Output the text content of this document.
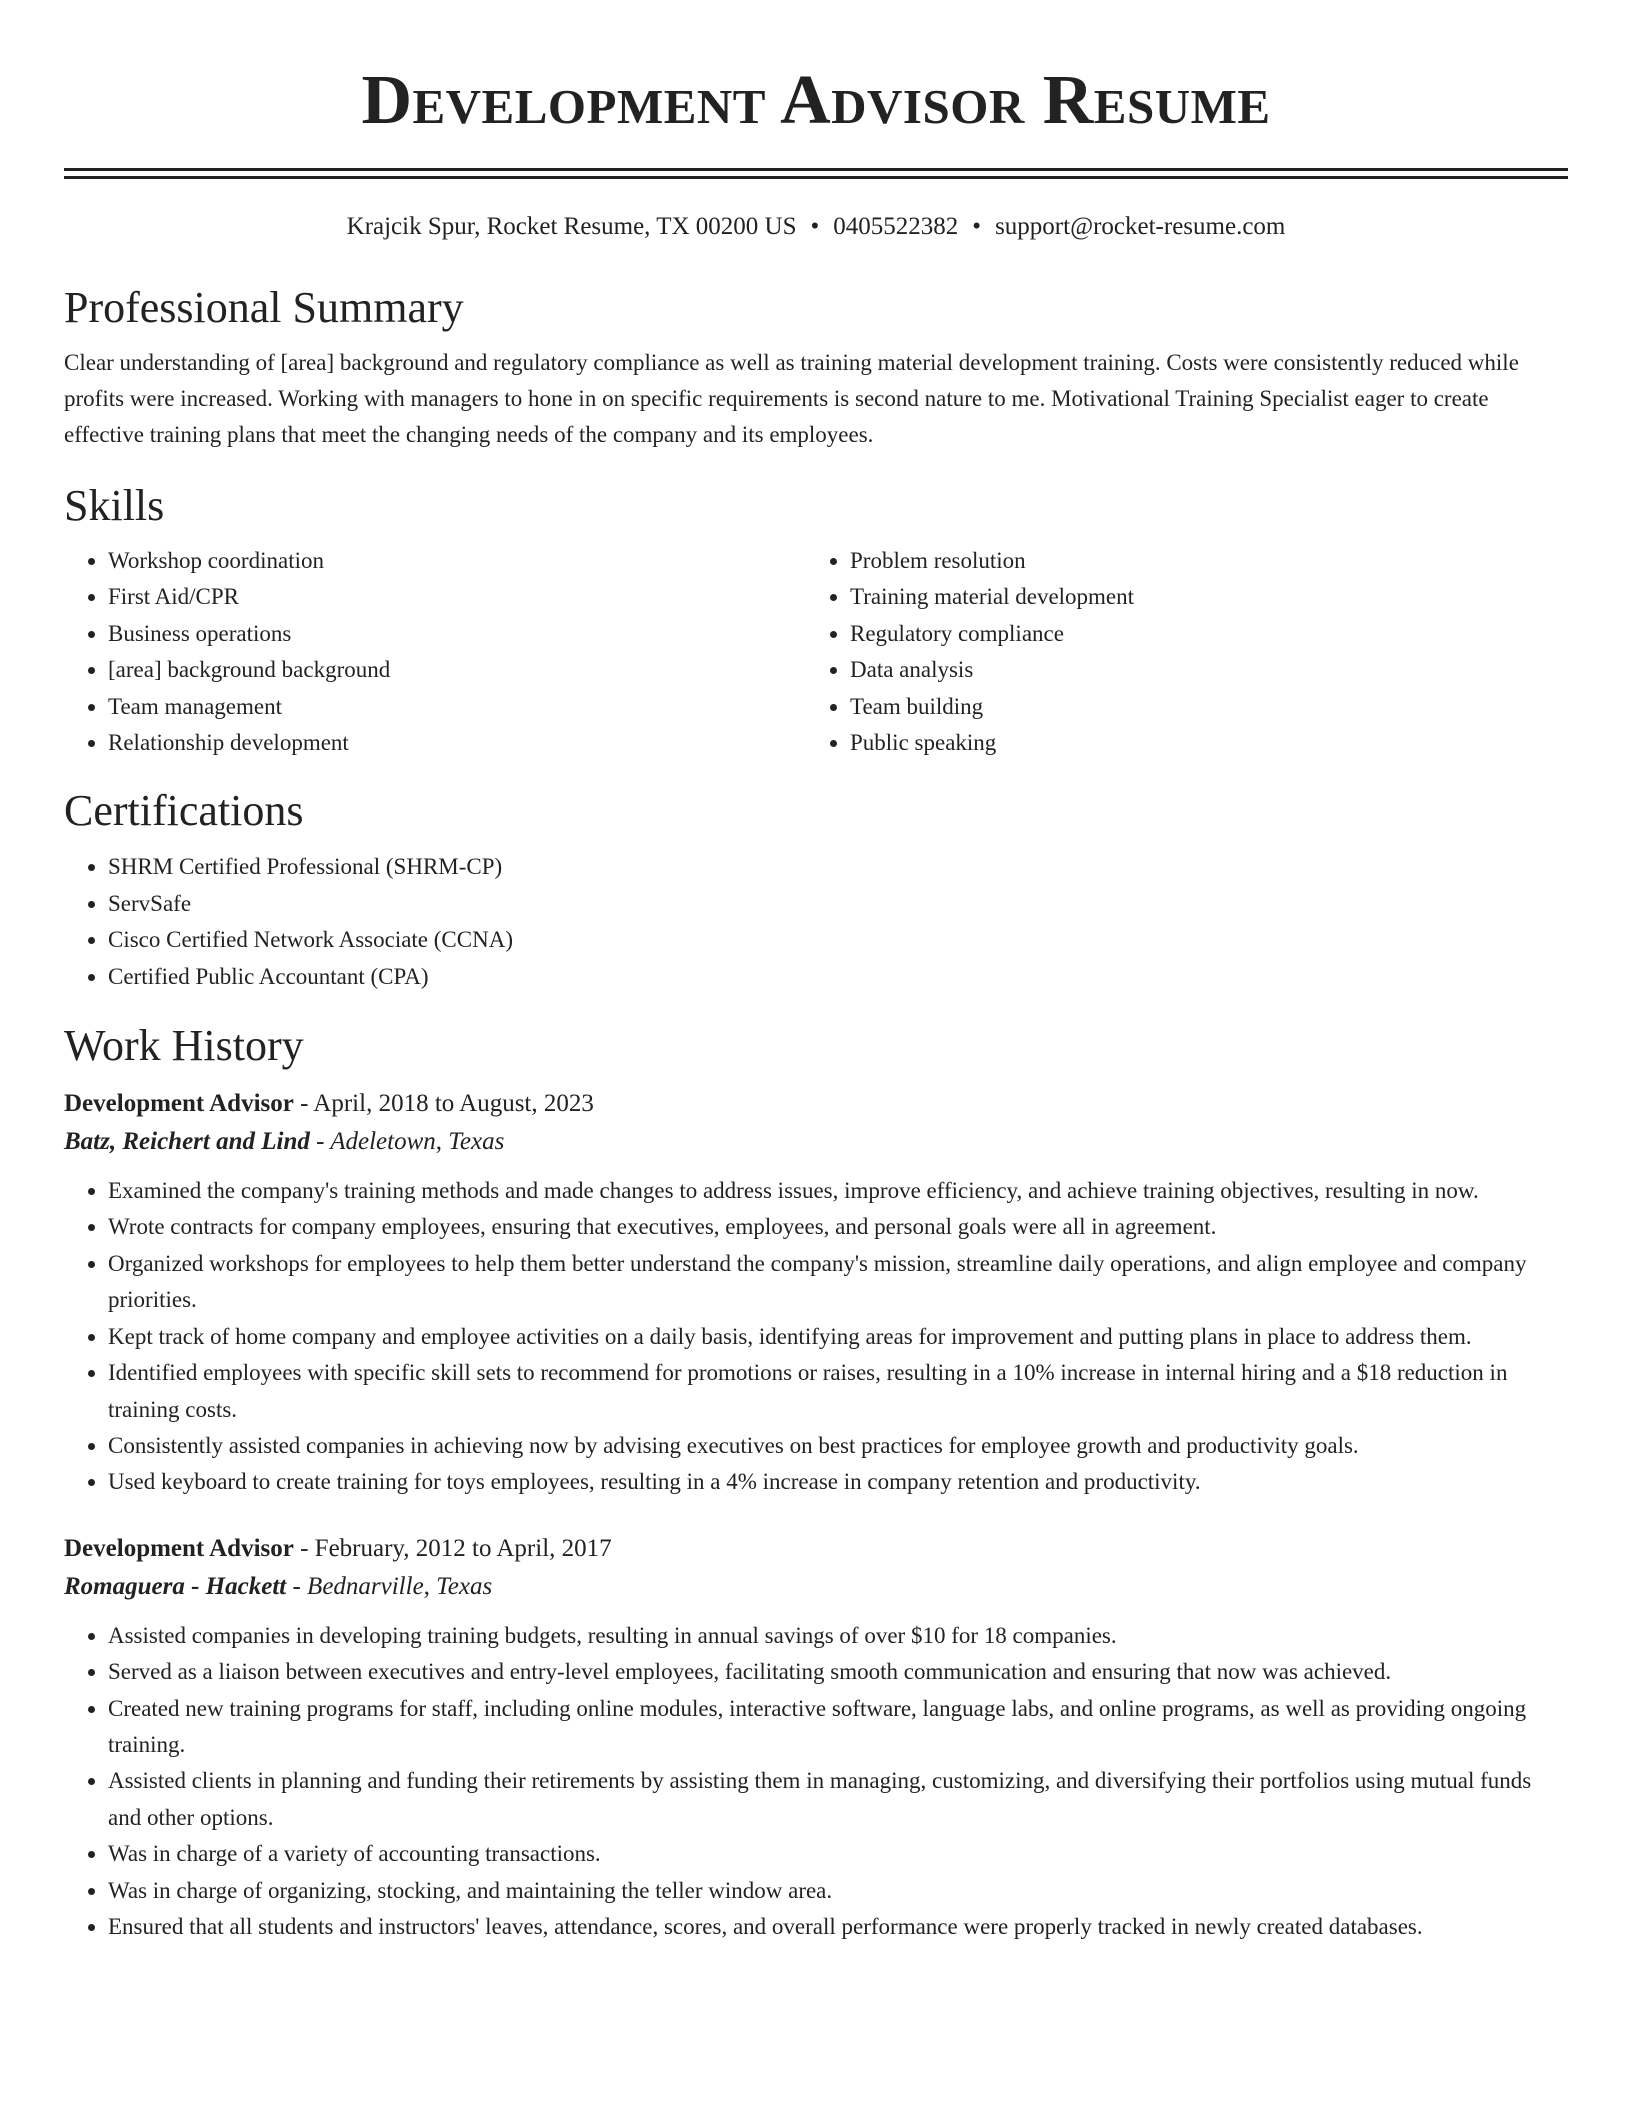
Development Advisor Resume
Krajcik Spur, Rocket Resume, TX 00200 US • 0405522382 • support@rocket-resume.com
Professional Summary

Clear understanding of [area] background and regulatory compliance as well as training material development training. Costs were consistently reduced while profits were increased. Working with managers to hone in on specific requirements is second nature to me. Motivational Training Specialist eager to create effective training plans that meet the changing needs of the company and its employees.

Skills
• Workshop coordination
• First Aid/CPR
• Business operations
• [area] background background
• Team management
• Relationship development
• Problem resolution
• Training material development
• Regulatory compliance
• Data analysis
• Team building
• Public speaking
Certifications
• SHRM Certified Professional (SHRM-CP)
• ServSafe
• Cisco Certified Network Associate (CCNA)
• Certified Public Accountant (CPA)
Work History
Development Advisor - April, 2018 to August, 2023
Batz, Reichert and Lind - Adeletown, Texas
• Examined the company's training methods and made changes to address issues, improve efficiency, and achieve training objectives, resulting in now.
• Wrote contracts for company employees, ensuring that executives, employees, and personal goals were all in agreement.
• Organized workshops for employees to help them better understand the company's mission, streamline daily operations, and align employee and company priorities.
• Kept track of home company and employee activities on a daily basis, identifying areas for improvement and putting plans in place to address them.
• Identified employees with specific skill sets to recommend for promotions or raises, resulting in a 10% increase in internal hiring and a $18 reduction in training costs.
• Consistently assisted companies in achieving now by advising executives on best practices for employee growth and productivity goals.
• Used keyboard to create training for toys employees, resulting in a 4% increase in company retention and productivity.
Development Advisor - February, 2012 to April, 2017
Romaguera - Hackett - Bednarville, Texas
• Assisted companies in developing training budgets, resulting in annual savings of over $10 for 18 companies.
• Served as a liaison between executives and entry-level employees, facilitating smooth communication and ensuring that now was achieved.
• Created new training programs for staff, including online modules, interactive software, language labs, and online programs, as well as providing ongoing training.
• Assisted clients in planning and funding their retirements by assisting them in managing, customizing, and diversifying their portfolios using mutual funds and other options.
• Was in charge of a variety of accounting transactions.
• Was in charge of organizing, stocking, and maintaining the teller window area.
• Ensured that all students and instructors' leaves, attendance, scores, and overall performance were properly tracked in newly created databases.
